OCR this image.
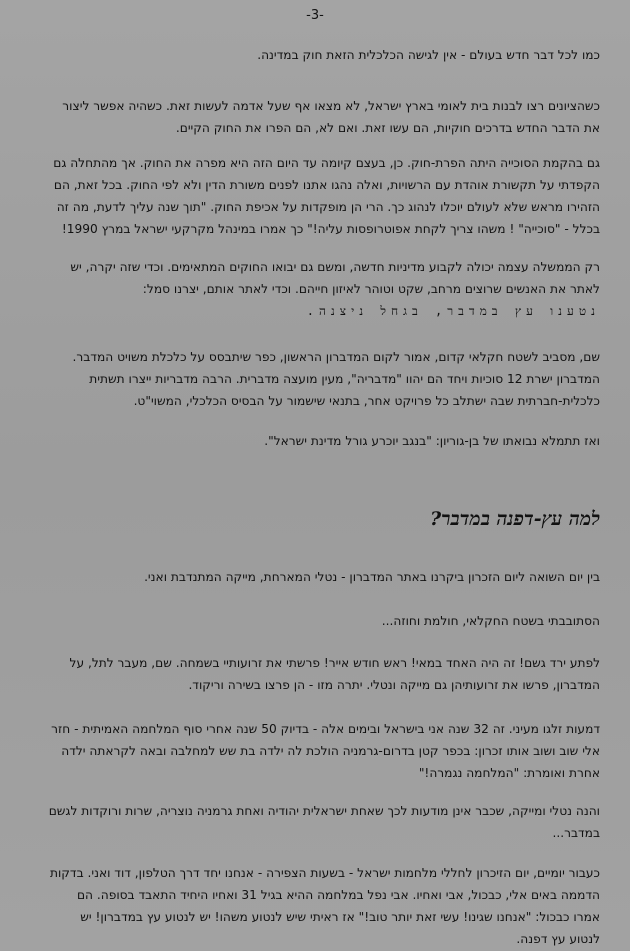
-3-
כמו לכל דבר חדש בעולם - אין לגישה הכלכלית הזאת חוק במדינה.
כשהציונים רצו לבנות בית לאומי בארץ ישראל, לא מצאו אף שעל אדמה לעשות זאת. כשהיה אפשר ליצור
את הדבר החדש בדרכים חוקיות, הם עשו זאת. ואם לא, הם הפרו את החוק הקיים.
גם בהקמת הסוכייה היתה הפרת-חוק. כן, בעצם קיומה עד היום הזה היא מפרה את החוק. אך מהתחלה גם
הקפדתי על תקשורת אוהדת עם הרשויות, ואלה נהגו אתנו לפנים משורת הדין ולא לפי החוק. בכל זאת, הם
הזהירו מראש שלא לעולם יוכלו לנהוג כך. הרי הן מופקדות על אכיפת החוק. "תוך שנה עליך לדעת, מה זה
בכלל - "סוכייה" ! משהו צריך לקחת אפוטרופסות עליה!" כך אמרו במינהל מקרקעי ישראל במרץ 1990!
רק הממשלה עצמה יכולה לקבוע מדיניות חדשה, ומשם גם יבואו החוקים המתאימים. וכדי שזה יקרה, יש
לאתר את האנשים שרוצים מרחב, שקט וטוהר לאיזון חייהם. וכדי לאתר אותם, יצרנו סמל:
נטענו עץ במדבר, בגחל ניצנה.
שם, מסביב לשטח חקלאי קדום, אמור לקום המדברון הראשון, כפר שיתבסס על כלכלת משויט המדבר.
המדברון ישרת 12 סוכיות ויחד הם יהוו "מדבריה", מעין מועצה מדברית. הרבה מדבריות ייצרו תשתית
כלכלית-חברתית שבה ישתלב כל פרויקט אחר, בתנאי שישמור על הבסיס הכלכלי, המשוי"ט.
ואז תתמלא נבואתו של בן-גוריון: "בנגב יוכרע גורל מדינת ישראל".
למה עץ-דפנה במדבר?
בין יום השואה ליום הזכרון ביקרנו באתר המדברון - נטלי המארחת, מייקה המתנדבת ואני.
הסתובבתי בשטח החקלאי, חולמת וחוזה...
לפתע ירד גשם! זה היה האחד במאי! ראש חודש אייר! פרשתי את זרועותיי בשמחה. שם, מעבר לתל, על
המדברון, פרשו את זרועותיהן גם מייקה ונטלי. יתרה מזו - הן פרצו בשירה וריקוד.
דמעות זלגו מעיני. זה 32 שנה אני בישראל ובימים אלה - בדיוק 50 שנה אחרי סוף המלחמה האמיתית - חזר
אלי שוב ושוב אותו זכרון: בכפר קטן בדרום-גרמניה הולכת לה ילדה בת שש למחלבה ובאה לקראתה ילדה
אחרת ואומרת: "המלחמה נגמרה!"
והנה נטלי ומייקה, שכבר אינן מודעות לכך שאחת ישראלית יהודיה ואחת גרמניה נוצריה, שרות ורוקדות לגשם
במדבר...
כעבור יומיים, יום הזיכרון לחללי מלחמות ישראל - בשעות הצפירה - אנחנו יחד דרך הטלפון, דוד ואני. בדקות
הדממה באים אלי, כבכול, אבי ואחיו. אבי נפל במלחמה ההיא בגיל 31 ואחיו היחיד התאבד בסופה. הם
אמרו כבכול: "אנחנו שגינו! עשי זאת יותר טוב!" אז ראיתי שיש לנטוע משהו! יש לנטוע עץ במדברון! יש
לנטוע עץ דפנה.
